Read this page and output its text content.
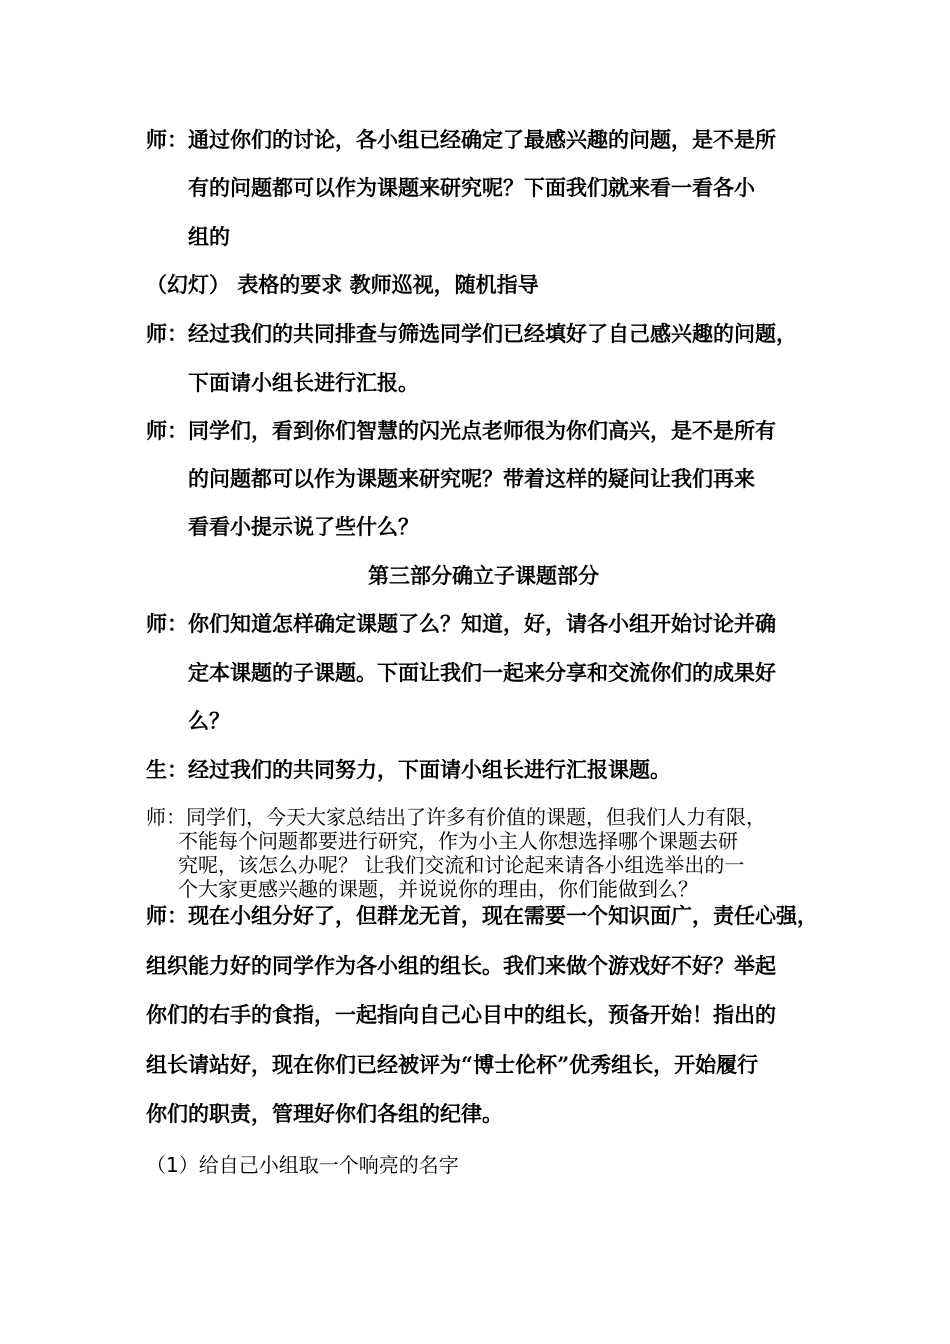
师：通过你们的讨论，各小组已经确定了最感兴趣的问题，是不是所

有的问题都可以作为课题来研究呢？下面我们就来看一看各小

组的

（幻灯） 表格的要求 教师巡视，随机指导

师：经过我们的共同排查与筛选同学们已经填好了自己感兴趣的问题，

下面请小组长进行汇报。

师：同学们，看到你们智慧的闪光点老师很为你们高兴，是不是所有

的问题都可以作为课题来研究呢？带着这样的疑问让我们再来

看看小提示说了些什么？

第三部分确立子课题部分

师：你们知道怎样确定课题了么？知道，好，请各小组开始讨论并确

定本课题的子课题。下面让我们一起来分享和交流你们的成果好

么？

生：经过我们的共同努力，下面请小组长进行汇报课题。

师：同学们，今天大家总结出了许多有价值的课题，但我们人力有限，

不能每个问题都要进行研究，作为小主人你想选择哪个课题去研

究呢，该怎么办呢？ 让我们交流和讨论起来请各小组选举出的一

个大家更感兴趣的课题，并说说你的理由，你们能做到么？

师：现在小组分好了，但群龙无首，现在需要一个知识面广，责任心强，

组织能力好的同学作为各小组的组长。我们来做个游戏好不好？举起

你们的右手的食指，一起指向自己心目中的组长，预备开始！指出的

组长请站好，现在你们已经被评为“博士伦杯”优秀组长，开始履行

你们的职责，管理好你们各组的纪律。

（1）给自己小组取一个响亮的名字
